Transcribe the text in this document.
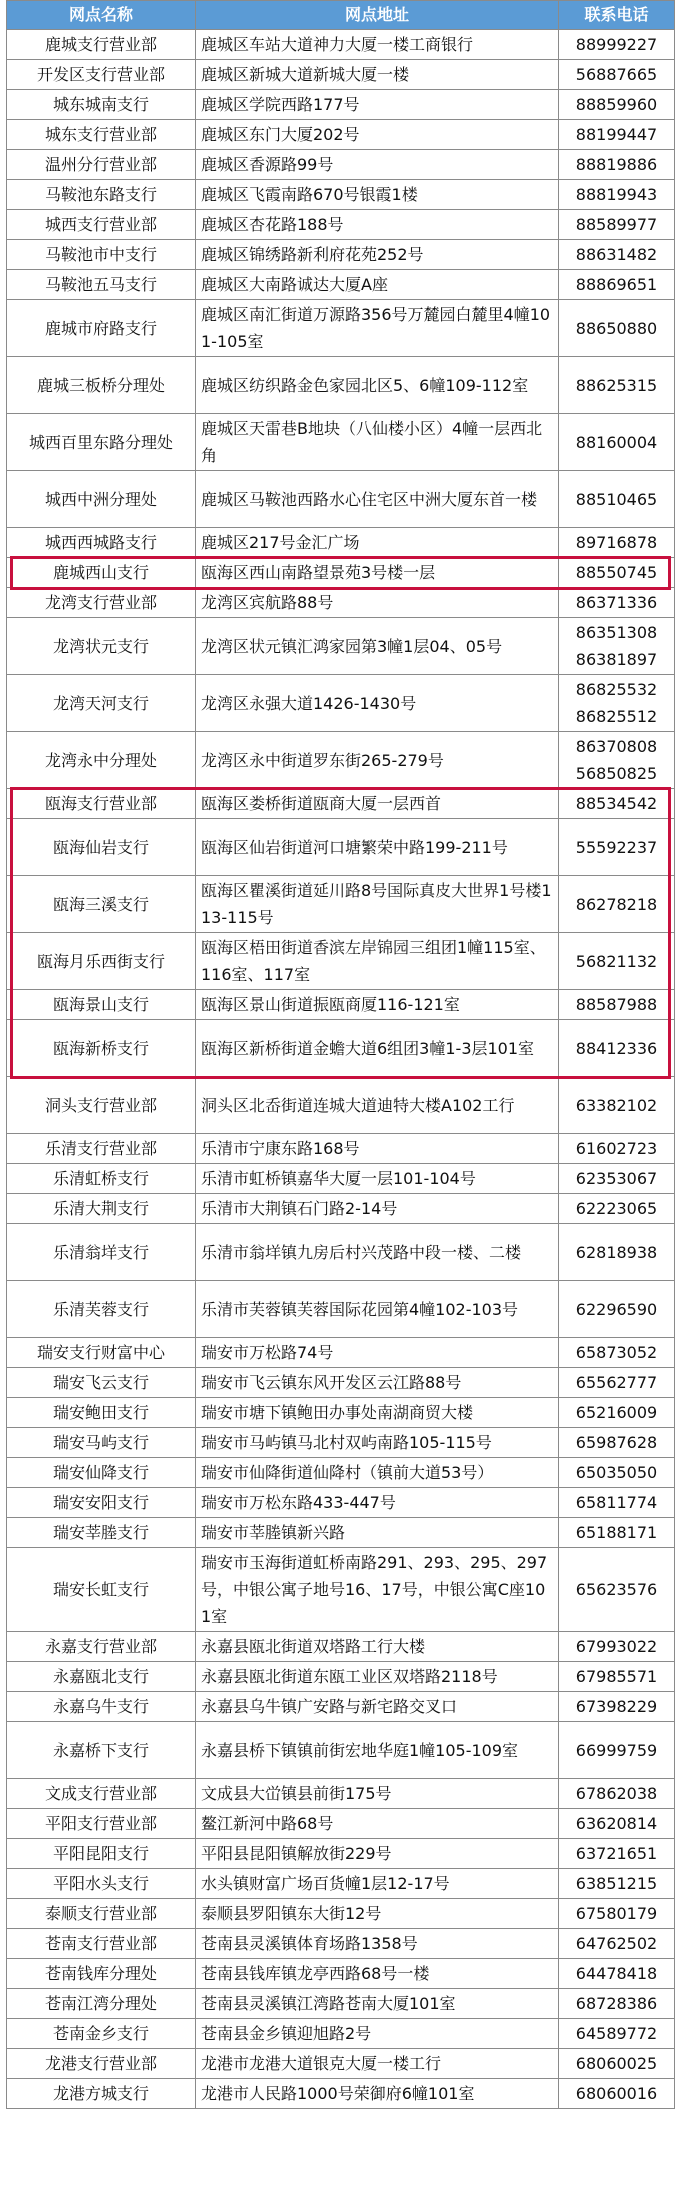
网点名称	网点地址	联系电话
鹿城支行营业部	鹿城区车站大道神力大厦一楼工商银行	88999227
开发区支行营业部	鹿城区新城大道新城大厦一楼	56887665
城东城南支行	鹿城区学院西路177号	88859960
城东支行营业部	鹿城区东门大厦202号	88199447
温州分行营业部	鹿城区香源路99号	88819886
马鞍池东路支行	鹿城区飞霞南路670号银霞1楼	88819943
城西支行营业部	鹿城区杏花路188号	88589977
马鞍池市中支行	鹿城区锦绣路新利府花苑252号	88631482
马鞍池五马支行	鹿城区大南路诚达大厦A座	88869651
鹿城市府路支行	鹿城区南汇街道万源路356号万麓园白麓里4幢101-105室	88650880
鹿城三板桥分理处	鹿城区纺织路金色家园北区5、6幢109-112室	88625315
城西百里东路分理处	鹿城区天雷巷B地块（八仙楼小区）4幢一层西北角	88160004
城西中洲分理处	鹿城区马鞍池西路水心住宅区中洲大厦东首一楼	88510465
城西西城路支行	鹿城区217号金汇广场	89716878
鹿城西山支行	瓯海区西山南路望景苑3号楼一层	88550745
龙湾支行营业部	龙湾区宾航路88号	86371336
龙湾状元支行	龙湾区状元镇汇鸿家园第3幢1层04、05号	86351308
86381897
龙湾天河支行	龙湾区永强大道1426-1430号	86825532
86825512
龙湾永中分理处	龙湾区永中街道罗东街265-279号	86370808
56850825
瓯海支行营业部	瓯海区娄桥街道瓯商大厦一层西首	88534542
瓯海仙岩支行	瓯海区仙岩街道河口塘繁荣中路199-211号	55592237
瓯海三溪支行	瓯海区瞿溪街道延川路8号国际真皮大世界1号楼113-115号	86278218
瓯海月乐西街支行	瓯海区梧田街道香滨左岸锦园三组团1幢115室、116室、117室	56821132
瓯海景山支行	瓯海区景山街道振瓯商厦116-121室	88587988
瓯海新桥支行	瓯海区新桥街道金蟾大道6组团3幢1-3层101室	88412336
洞头支行营业部	洞头区北岙街道连城大道迪特大楼A102工行	63382102
乐清支行营业部	乐清市宁康东路168号	61602723
乐清虹桥支行	乐清市虹桥镇嘉华大厦一层101-104号	62353067
乐清大荆支行	乐清市大荆镇石门路2-14号	62223065
乐清翁垟支行	乐清市翁垟镇九房后村兴茂路中段一楼、二楼	62818938
乐清芙蓉支行	乐清市芙蓉镇芙蓉国际花园第4幢102-103号	62296590
瑞安支行财富中心	瑞安市万松路74号	65873052
瑞安飞云支行	瑞安市飞云镇东风开发区云江路88号	65562777
瑞安鲍田支行	瑞安市塘下镇鲍田办事处南湖商贸大楼	65216009
瑞安马屿支行	瑞安市马屿镇马北村双屿南路105-115号	65987628
瑞安仙降支行	瑞安市仙降街道仙降村（镇前大道53号）	65035050
瑞安安阳支行	瑞安市万松东路433-447号	65811774
瑞安莘塍支行	瑞安市莘塍镇新兴路	65188171
瑞安长虹支行	瑞安市玉海街道虹桥南路291、293、295、297号，中银公寓子地号16、17号，中银公寓C座101室	65623576
永嘉支行营业部	永嘉县瓯北街道双塔路工行大楼	67993022
永嘉瓯北支行	永嘉县瓯北街道东瓯工业区双塔路2118号	67985571
永嘉乌牛支行	永嘉县乌牛镇广安路与新宅路交叉口	67398229
永嘉桥下支行	永嘉县桥下镇镇前街宏地华庭1幢105-109室	66999759
文成支行营业部	文成县大峃镇县前街175号	67862038
平阳支行营业部	鳌江新河中路68号	63620814
平阳昆阳支行	平阳县昆阳镇解放街229号	63721651
平阳水头支行	水头镇财富广场百货幢1层12-17号	63851215
泰顺支行营业部	泰顺县罗阳镇东大街12号	67580179
苍南支行营业部	苍南县灵溪镇体育场路1358号	64762502
苍南钱库分理处	苍南县钱库镇龙亭西路68号一楼	64478418
苍南江湾分理处	苍南县灵溪镇江湾路苍南大厦101室	68728386
苍南金乡支行	苍南县金乡镇迎旭路2号	64589772
龙港支行营业部	龙港市龙港大道银克大厦一楼工行	68060025
龙港方城支行	龙港市人民路1000号荣御府6幢101室	68060016
